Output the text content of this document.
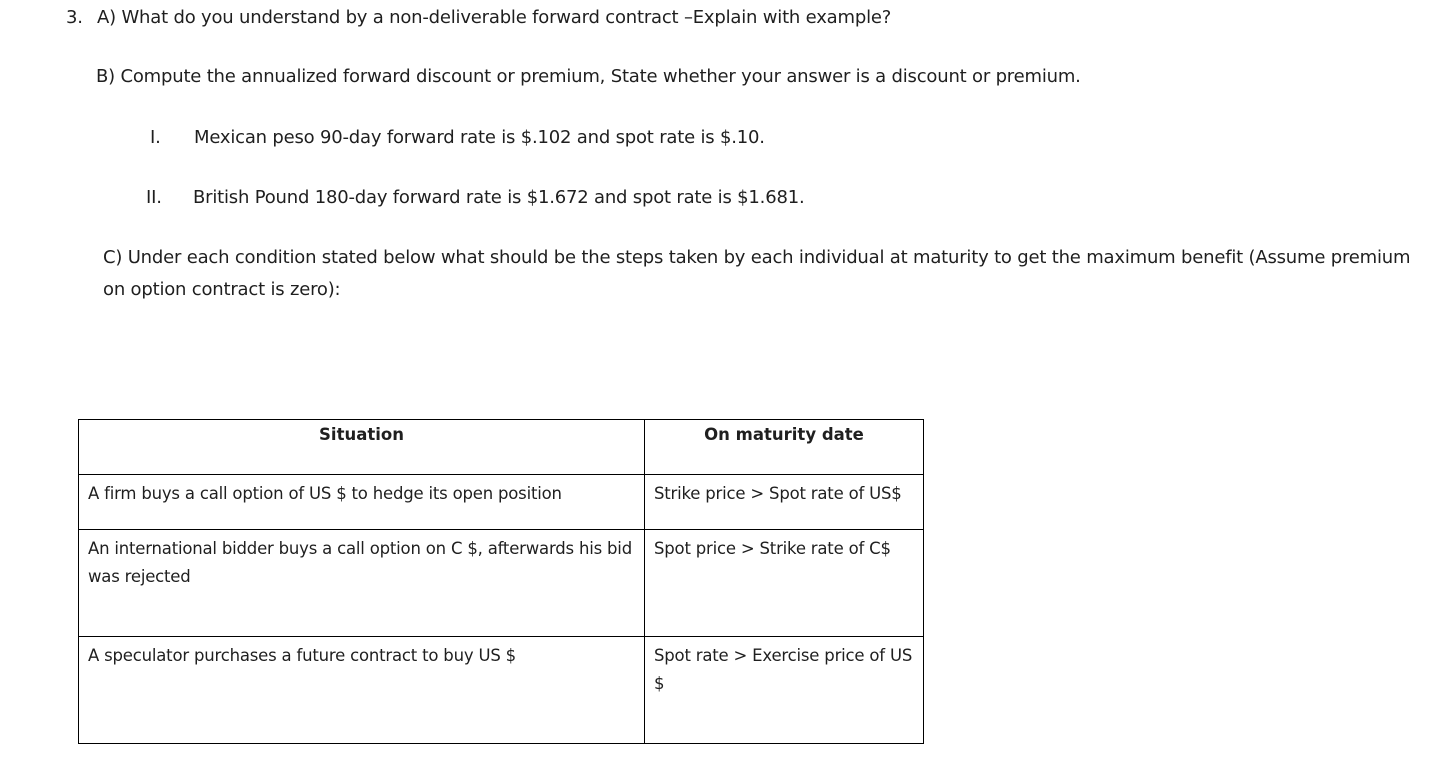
3. A) What do you understand by a non-deliverable forward contract –Explain with example?
B) Compute the annualized forward discount or premium, State whether your answer is a discount or premium.
I. Mexican peso 90-day forward rate is $.102 and spot rate is $.10.
II. British Pound 180-day forward rate is $1.672 and spot rate is $1.681.
C) Under each condition stated below what should be the steps taken by each individual at maturity to get the maximum benefit (Assume premium on option contract is zero):
Situation	On maturity date

A firm buys a call option of US $ to hedge its open position	Strike price > Spot rate of US$

An international bidder buys a call option on C $, afterwards his bid was rejected	Spot price > Strike rate of C$

A speculator purchases a future contract to buy US $	Spot rate > Exercise price of US $
